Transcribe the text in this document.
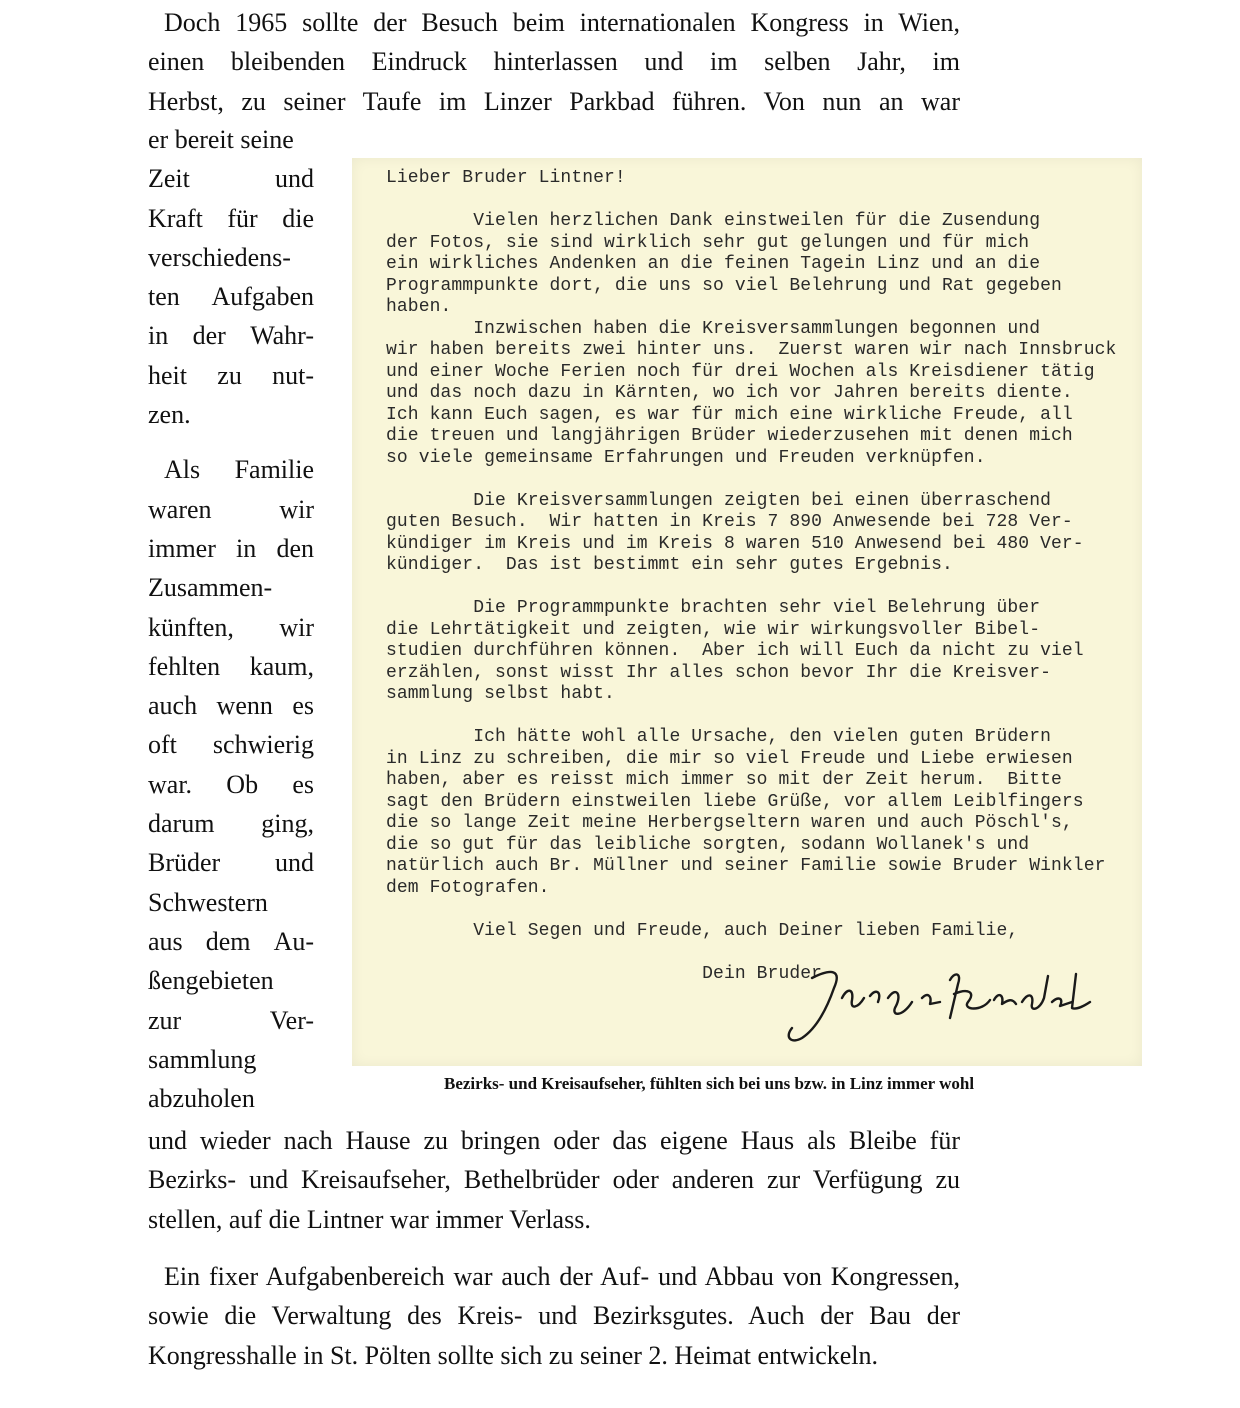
Doch 1965 sollte der Besuch beim internationalen Kongress in Wien,
einen bleibenden Eindruck hinterlassen und im selben Jahr, im
Herbst, zu seiner Taufe im Linzer Parkbad führen. Von nun an war
er bereit seine
Zeit	und
Kraft für die
verschiedens-
ten Aufgaben
in der Wahr-
heit zu nut-
zen.
Als Familie
waren	wir
immer in den
Zusammen-
künften, wir
fehlten kaum,
auch wenn es
oft schwierig
war. Ob es
darum ging,
Brüder und
Schwestern
aus dem Au-
ßengebieten
zur	Ver-
sammlung
abzuholen
Lieber Bruder Lintner!

Vielen herzlichen Dank einstweilen für die Zusendung
der Fotos, sie sind wirklich sehr gut gelungen und für mich
ein wirkliches Andenken an die feinen Tagein Linz und an die
Programmpunkte dort, die uns so viel Belehrung und Rat gegeben
haben.
Inzwischen haben die Kreisversammlungen begonnen und
wir haben bereits zwei hinter uns.  Zuerst waren wir nach Innsbruck
und einer Woche Ferien noch für drei Wochen als Kreisdiener tätig
und das noch dazu in Kärnten, wo ich vor Jahren bereits diente.
Ich kann Euch sagen, es war für mich eine wirkliche Freude, all
die treuen und langjährigen Brüder wiederzusehen mit denen mich
so viele gemeinsame Erfahrungen und Freuden verknüpfen.

Die Kreisversammlungen zeigten bei einen überraschend
guten Besuch.  Wir hatten in Kreis 7 890 Anwesende bei 728 Ver-
kündiger im Kreis und im Kreis 8 waren 510 Anwesend bei 480 Ver-
kündiger.  Das ist bestimmt ein sehr gutes Ergebnis.

Die Programmpunkte brachten sehr viel Belehrung über
die Lehrtätigkeit und zeigten, wie wir wirkungsvoller Bibel-
studien durchführen können.  Aber ich will Euch da nicht zu viel
erzählen, sonst wisst Ihr alles schon bevor Ihr die Kreisver-
sammlung selbst habt.

Ich hätte wohl alle Ursache, den vielen guten Brüdern
in Linz zu schreiben, die mir so viel Freude und Liebe erwiesen
haben, aber es reisst mich immer so mit der Zeit herum.  Bitte
sagt den Brüdern einstweilen liebe Grüße, vor allem Leiblfingers
die so lange Zeit meine Herbergseltern waren und auch Pöschl's,
die so gut für das leibliche sorgten, sodann Wollanek's und
natürlich auch Br. Müllner und seiner Familie sowie Bruder Winkler
dem Fotografen.

Viel Segen und Freude, auch Deiner lieben Familie,

Dein Bruder
Bezirks- und Kreisaufseher, fühlten sich bei uns bzw. in Linz immer wohl
und wieder nach Hause zu bringen oder das eigene Haus als Bleibe für Bezirks- und Kreisaufseher, Bethelbrüder oder anderen zur Verfügung zu stellen, auf die Lintner war immer Verlass.
Ein fixer Aufgabenbereich war auch der Auf- und Abbau von Kongressen, sowie die Verwaltung des Kreis- und Bezirksgutes. Auch der Bau der Kongresshalle in St. Pölten sollte sich zu seiner 2. Heimat entwickeln.
